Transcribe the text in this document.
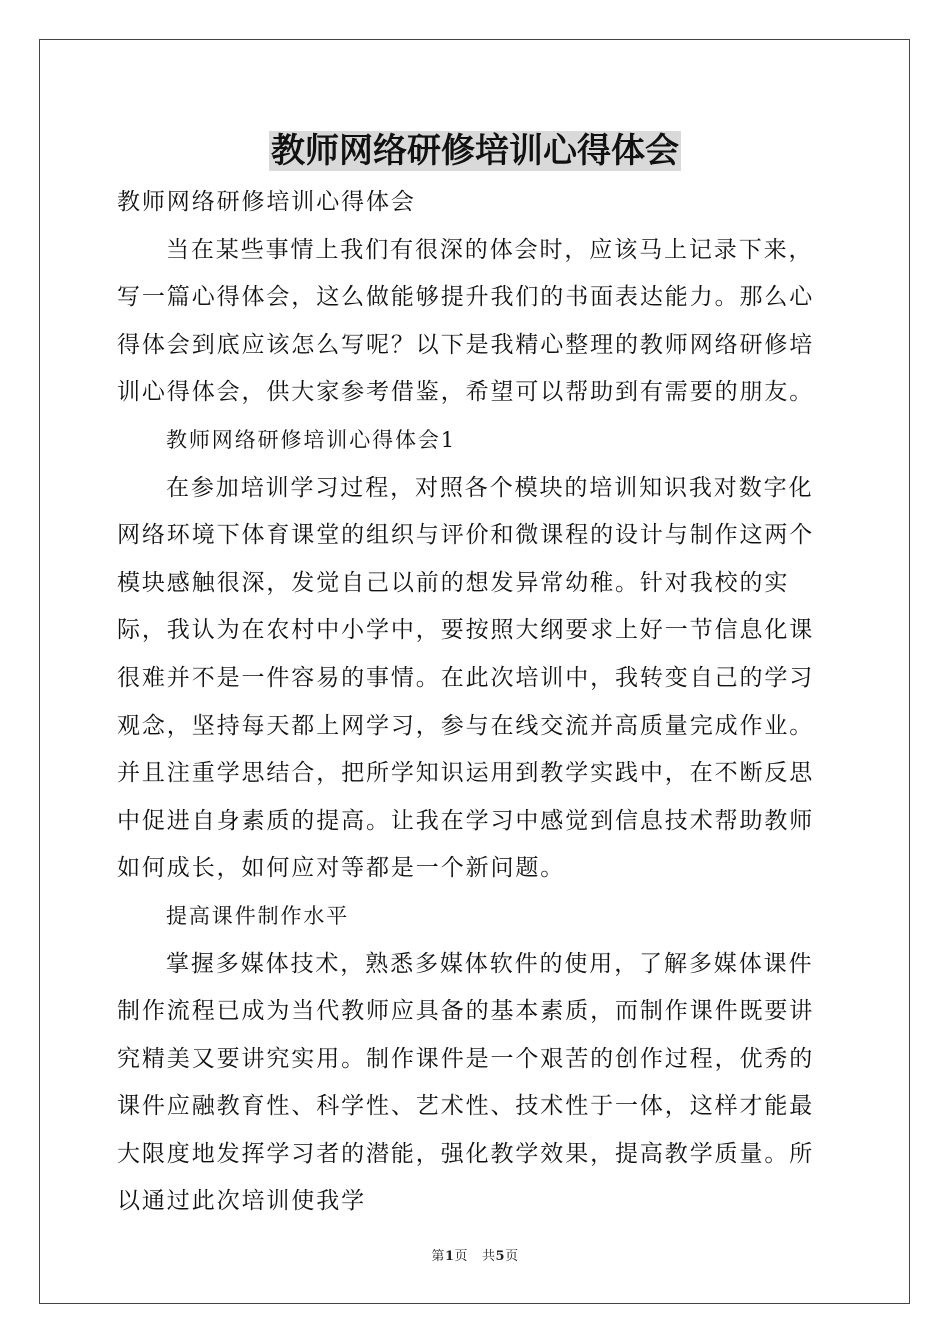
教师网络研修培训心得体会

教师网络研修培训心得体会

当在某些事情上我们有很深的体会时，应该马上记录下来，写一篇心得体会，这么做能够提升我们的书面表达能力。那么心得体会到底应该怎么写呢？以下是我精心整理的教师网络研修培训心得体会，供大家参考借鉴，希望可以帮助到有需要的朋友。

教师网络研修培训心得体会1

在参加培训学习过程，对照各个模块的培训知识我对数字化网络环境下体育课堂的组织与评价和微课程的设计与制作这两个模块感触很深，发觉自己以前的想发异常幼稚。针对我校的实际，我认为在农村中小学中，要按照大纲要求上好一节信息化课很难并不是一件容易的事情。在此次培训中，我转变自己的学习观念，坚持每天都上网学习，参与在线交流并高质量完成作业。并且注重学思结合，把所学知识运用到教学实践中，在不断反思中促进自身素质的提高。让我在学习中感觉到信息技术帮助教师如何成长，如何应对等都是一个新问题。

提高课件制作水平

掌握多媒体技术，熟悉多媒体软件的使用，了解多媒体课件制作流程已成为当代教师应具备的基本素质，而制作课件既要讲究精美又要讲究实用。制作课件是一个艰苦的创作过程，优秀的课件应融教育性、科学性、艺术性、技术性于一体，这样才能最大限度地发挥学习者的潜能，强化教学效果，提高教学质量。所以通过此次培训使我学

第1页 共5页
